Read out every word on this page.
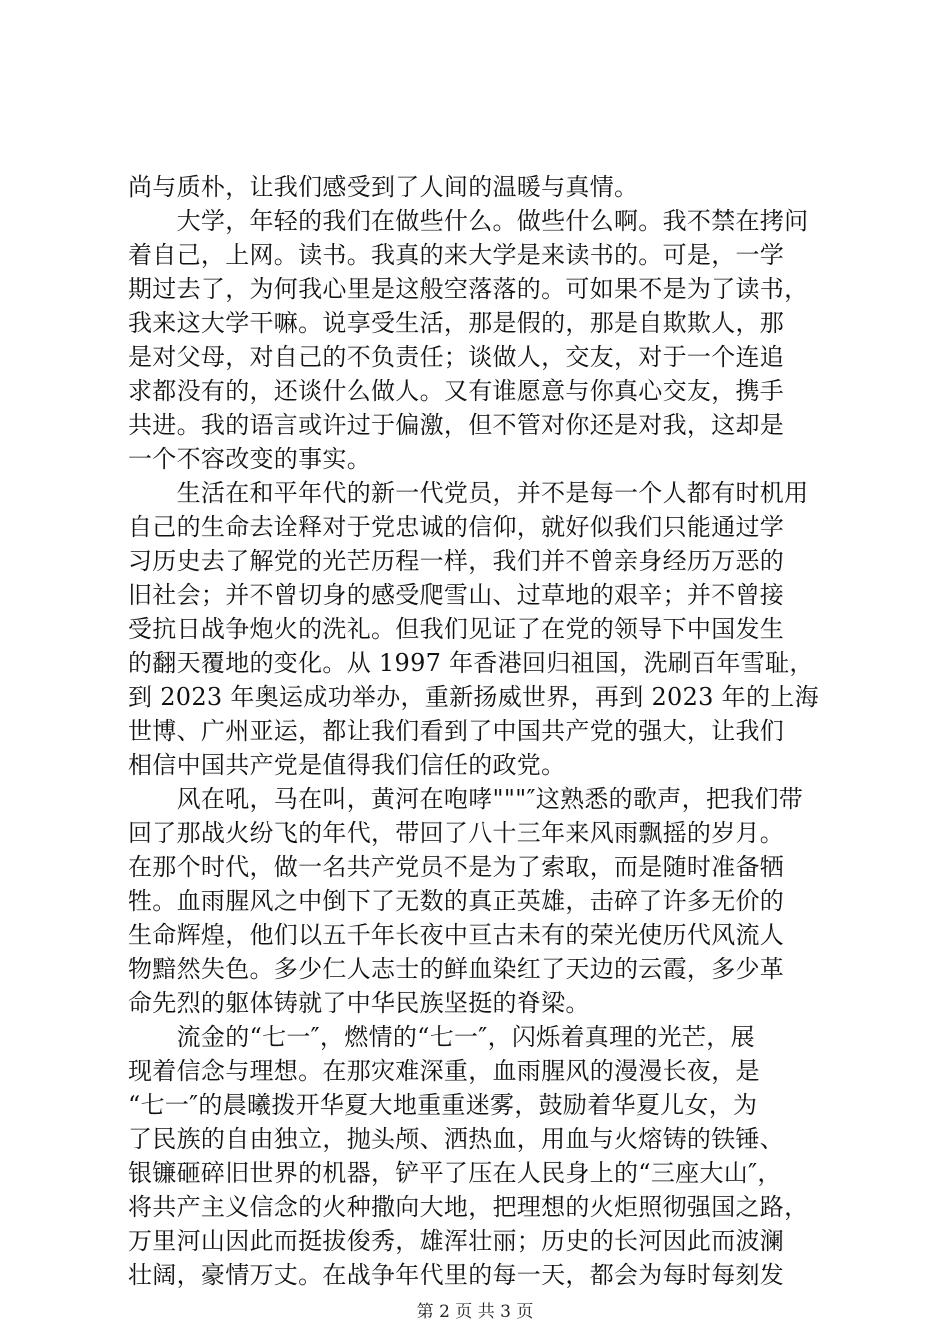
尚与质朴，让我们感受到了人间的温暖与真情。
　　大学，年轻的我们在做些什么。做些什么啊。我不禁在拷问
着自己，上网。读书。我真的来大学是来读书的。可是，一学
期过去了，为何我心里是这般空落落的。可如果不是为了读书，
我来这大学干嘛。说享受生活，那是假的，那是自欺欺人，那
是对父母，对自己的不负责任；谈做人，交友，对于一个连追
求都没有的，还谈什么做人。又有谁愿意与你真心交友，携手
共进。我的语言或许过于偏激，但不管对你还是对我，这却是
一个不容改变的事实。
　　生活在和平年代的新一代党员，并不是每一个人都有时机用
自己的生命去诠释对于党忠诚的信仰，就好似我们只能通过学
习历史去了解党的光芒历程一样，我们并不曾亲身经历万恶的
旧社会；并不曾切身的感受爬雪山、过草地的艰辛；并不曾接
受抗日战争炮火的洗礼。但我们见证了在党的领导下中国发生
的翻天覆地的变化。从 1997 年香港回归祖国，洗刷百年雪耻，
到 2023 年奥运成功举办，重新扬威世界，再到 2023 年的上海
世博、广州亚运，都让我们看到了中国共产党的强大，让我们
相信中国共产党是值得我们信任的政党。
　　风在吼，马在叫，黄河在咆哮"""″这熟悉的歌声，把我们带
回了那战火纷飞的年代，带回了八十三年来风雨飘摇的岁月。
在那个时代，做一名共产党员不是为了索取，而是随时准备牺
牲。血雨腥风之中倒下了无数的真正英雄，击碎了许多无价的
生命辉煌，他们以五千年长夜中亘古未有的荣光使历代风流人
物黯然失色。多少仁人志士的鲜血染红了天边的云霞，多少革
命先烈的躯体铸就了中华民族坚挺的脊梁。
　　流金的“七一″，燃情的“七一″，闪烁着真理的光芒，展
现着信念与理想。在那灾难深重，血雨腥风的漫漫长夜，是
“七一″的晨曦拨开华夏大地重重迷雾，鼓励着华夏儿女，为
了民族的自由独立，抛头颅、洒热血，用血与火熔铸的铁锤、
银镰砸碎旧世界的机器，铲平了压在人民身上的“三座大山″，
将共产主义信念的火种撒向大地，把理想的火炬照彻强国之路，
万里河山因此而挺拔俊秀，雄浑壮丽；历史的长河因此而波澜
壮阔，豪情万丈。在战争年代里的每一天，都会为每时每刻发
第 2 页 共 3 页
